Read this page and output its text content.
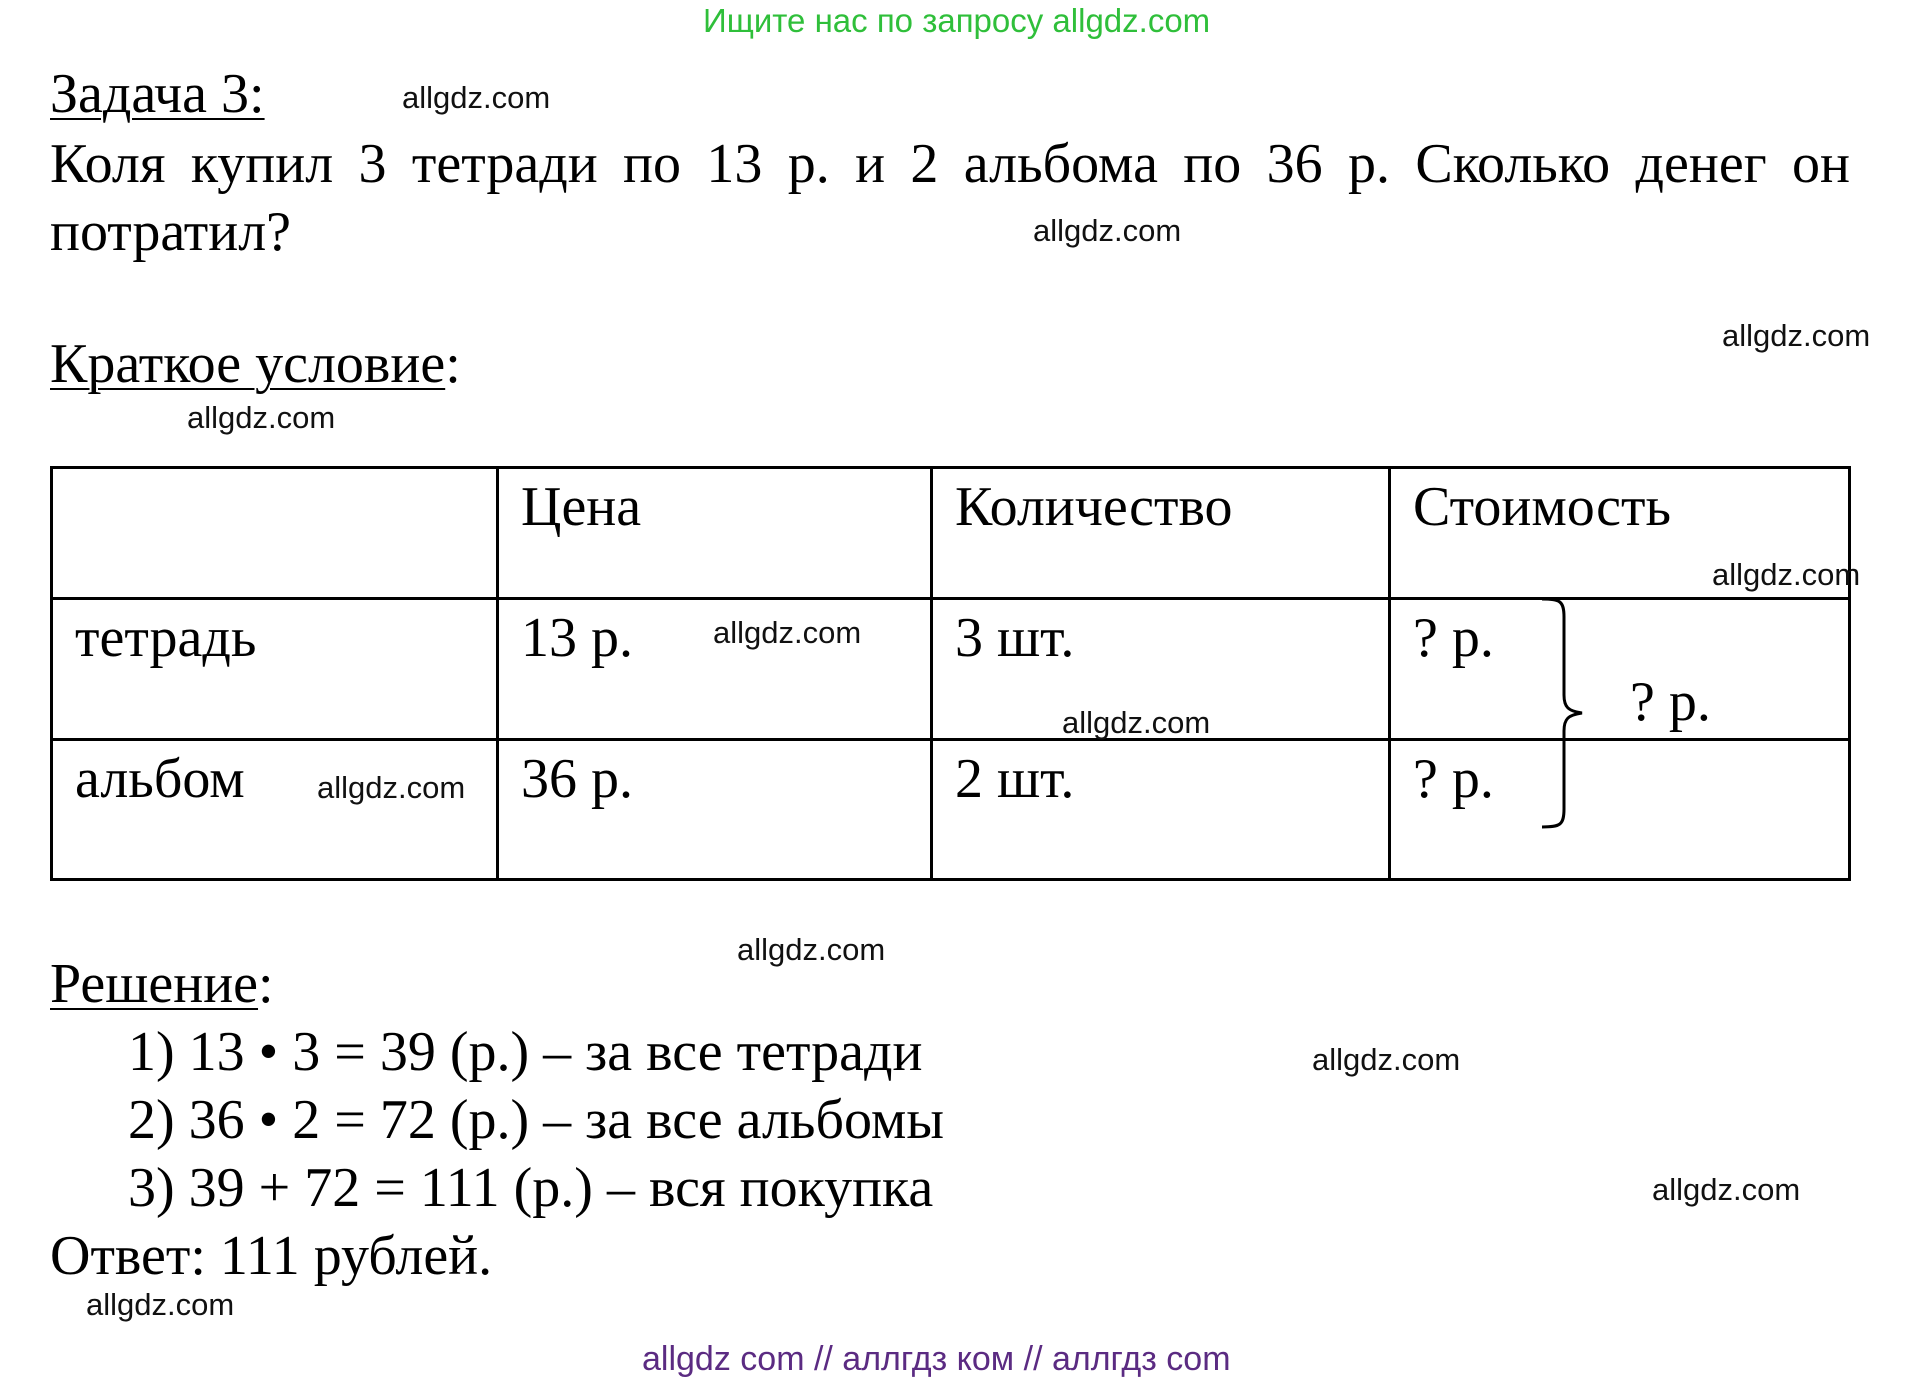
Ищите нас по запросу allgdz.com
Задача 3:
Коля купил 3 тетради по 13 р. и 2 альбома по 36 р. Сколько денег он потратил?
Краткое условие:
	Цена	Количество	Стоимость
тетрадь	13 р.	3 шт.	? р.
альбом	36 р.	2 шт.	? р.
? р.
Решение:
1) 13 • 3 = 39 (р.) – за все тетради
2) 36 • 2 = 72 (р.) – за все альбомы
3) 39 + 72 = 111 (р.) – вся покупка
Ответ: 111 рублей.
allgdz.com
allgdz.com
allgdz.com
allgdz.com
allgdz.com
allgdz.com
allgdz.com
allgdz.com
allgdz.com
allgdz.com
allgdz.com
allgdz.com
allgdz com // аллгдз ком // аллгдз com
